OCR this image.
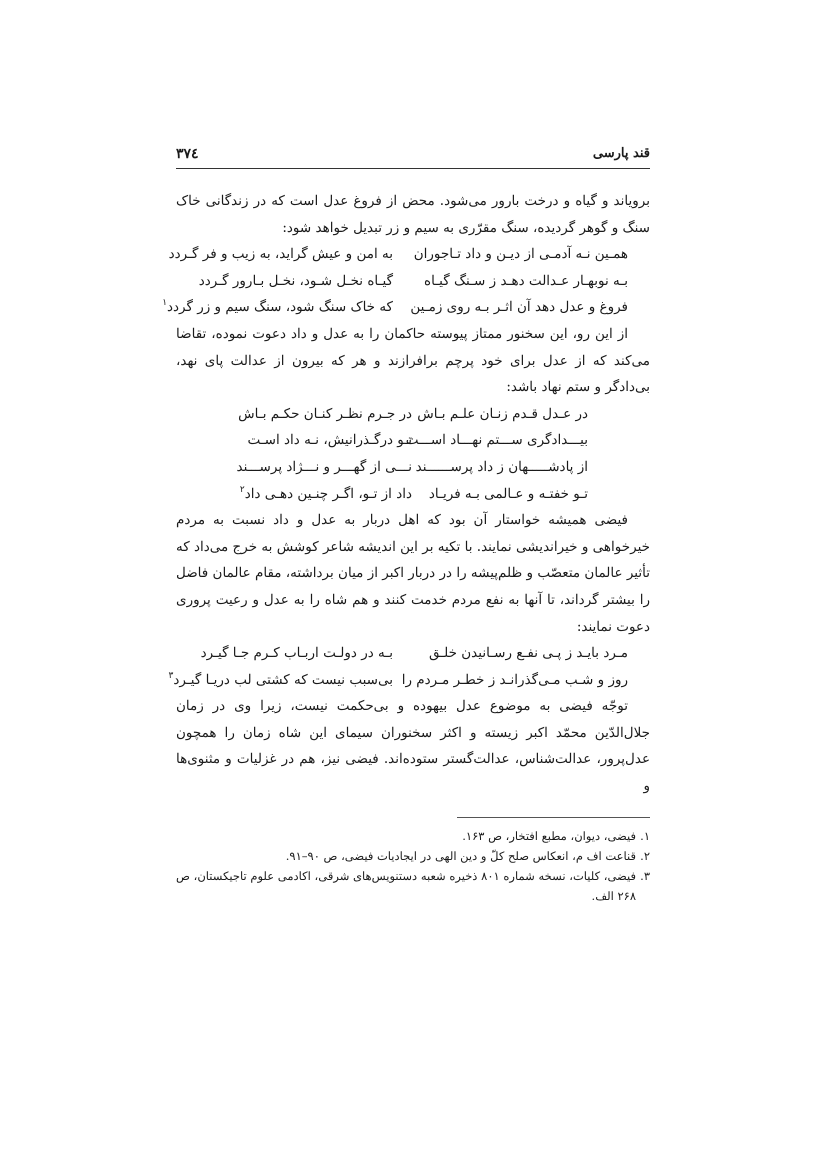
قند پارسی
۳۷٤

برویاند و گیاه و درخت بارور می‌شود. محض از فروغ عدل است که در زندگانی خاک سنگ و گوهر گردیده، سنگ مقرّری به سیم و زر تبدیل خواهد شود:

همـین نـه آدمـی از دیـن و داد تـاجوران
به امن و عیش گراید، به زیب و فر گـردد
بـه نوبهـار عـدالت دهـد ز سـنگ گیـاه
گیـاه نخـل شـود، نخـل بـارور گـردد
فروغ و عدل دهد آن اثـر بـه روی زمـین
که خاک سنگ شود، سنگ سیم و زر گردد$^۱$

از این رو، این سخنور ممتاز پیوسته حاکمان را به عدل و داد دعوت نموده، تقاضا می‌کند که از عدل برای خود پرچم برافرازند و هر که بیرون از عدالت پای نهد، بی‌دادگر و ستم نهاد باشد:

در عـدل قـدم زنـان علـم بـاش
در جـرم نظـر کنـان حکـم بـاش
بیـــدادگری ســـتم نهـــاد اســـت
تـو درگـذرانیش، نـه داد اسـت
از پادشـــــهان ز داد پرســــــند
نـــی از گهـــر و نـــژاد پرســـند
تـو خفتـه و عـالمی بـه فریـاد
داد از تـو، اگـر چنـین دهـی داد$^۲$

فیضی همیشه خواستار آن بود که اهل دربار به عدل و داد نسبت به مردم خیرخواهی و خیراندیشی نمایند. با تکیه بر این اندیشه شاعر کوشش به خرج می‌داد که تأثیر عالمان متعصّب و ظلم‌پیشه را در دربار اکبر از میان برداشته، مقام عالمان فاضل را بیشتر گرداند، تا آنها به نفع مردم خدمت کنند و هم شاه را به عدل و رعیت پروری دعوت نمایند:

مـرد بایـد ز پـی نفـع رسـانیدن خلـق
بـه در دولـت اربـاب کـرم جـا گیـرد
روز و شـب مـی‌گذرانـد ز خطـر مـردم را
بی‌سبب نیست که کشتی لب دریـا گیـرد$^۳$

توجّه فیضی به موضوع عدل بیهوده و بی‌حکمت نیست، زیرا وی در زمان جلال‌الدّین محمّد اکبر زیسته و اکثر سخنوران سیمای این شاه زمان را همچون عدل‌پرور، عدالت‌شناس، عدالت‌گستر ستوده‌اند. فیضی نیز، هم در غزلیات و مثنوی‌ها و

۱.
فیضی، دیوان، مطبع افتخار، ص ۱۶۳.
۲.
قناعت اف م، انعکاس صلح کلّ و دین الهی در ایجادیات فیضی، ص ۹۰–۹۱.
۳.
فیضی، کلیات، نسخه شماره ۸۰۱ ذخیره شعبه دستنویس‌های شرقی، اکادمی علوم تاجیکستان، ص ۲۶۸ الف.
